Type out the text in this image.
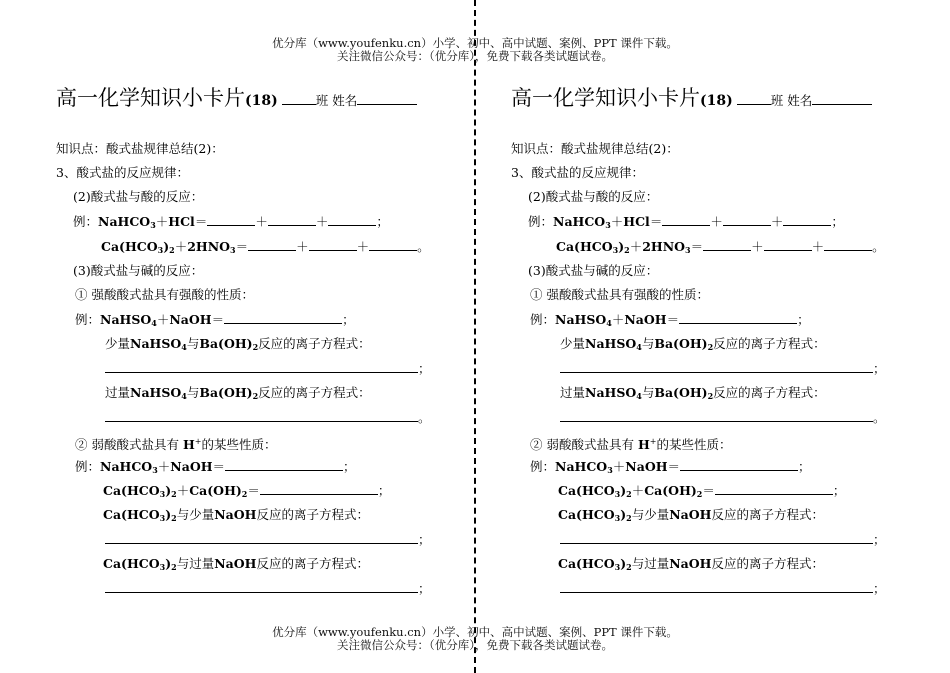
优分库（www.youfenku.cn）小学、初中、高中试题、案例、PPT 课件下载。
关注微信公众号：（优分库），免费下载各类试题试卷。
高一化学知识小卡片(18)	班 姓名
知识点：酸式盐规律总结(2)：
3、酸式盐的反应规律：
(2)酸式盐与酸的反应：
例：NaHCO$_3$＋HCl＝	＋	＋	；
$Ca(HCO_3)_2+2HNO_3=$	＋	＋	。
(3)酸式盐与碱的反应：
① 强酸酸式盐具有强酸的性质：
例：NaHSO$_4$＋NaOH＝	；
少量NaHSO$_4$与$Ba(OH)_2$反应的离子方程式：
；
过量NaHSO$_4$与$Ba(OH)_2$反应的离子方程式：
。
② 弱酸酸式盐具有 H+的某些性质：
例：NaHCO$_3$＋NaOH＝	；
$Ca(HCO_3)_2+Ca(OH)_2=$	；
$Ca(HCO_3)_2$与少量NaOH反应的离子方程式：
；
$Ca(HCO_3)_2$与过量NaOH反应的离子方程式：
；
高一化学知识小卡片(18)	班 姓名
知识点：酸式盐规律总结(2)：
3、酸式盐的反应规律：
(2)酸式盐与酸的反应：
例：NaHCO$_3$＋HCl＝	＋	＋	；
$Ca(HCO_3)_2+2HNO_3=$	＋	＋	。
(3)酸式盐与碱的反应：
① 强酸酸式盐具有强酸的性质：
例：NaHSO$_4$＋NaOH＝	；
少量NaHSO$_4$与$Ba(OH)_2$反应的离子方程式：
；
过量NaHSO$_4$与$Ba(OH)_2$反应的离子方程式：
。
② 弱酸酸式盐具有 H+的某些性质：
例：NaHCO$_3$＋NaOH＝	；
$Ca(HCO_3)_2+Ca(OH)_2=$	；
$Ca(HCO_3)_2$与少量NaOH反应的离子方程式：
；
$Ca(HCO_3)_2$与过量NaOH反应的离子方程式：
；
优分库（www.youfenku.cn）小学、初中、高中试题、案例、PPT 课件下载。
关注微信公众号：（优分库），免费下载各类试题试卷。
